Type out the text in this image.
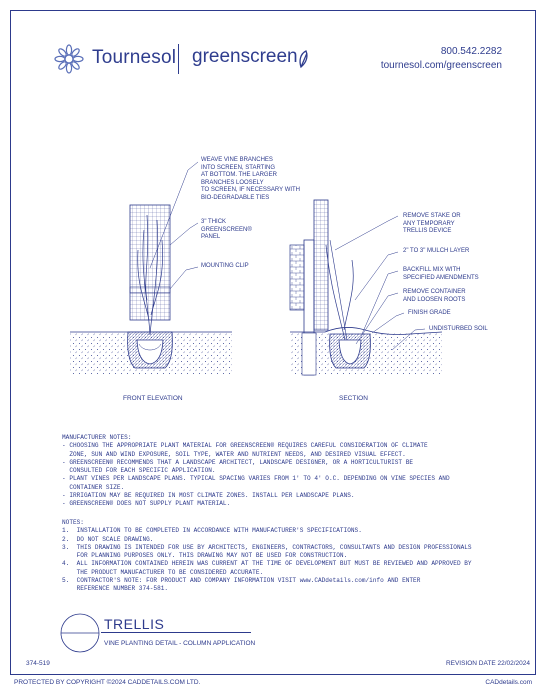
Tournesol greenscreen	800.542.2282
tournesol.com/greenscreen
WEAVE VINE BRANCHES
INTO SCREEN, STARTING
AT BOTTOM. THE LARGER
BRANCHES LOOSELY
TO SCREEN, IF NECESSARY WITH
BIO-DEGRADABLE TIES
3" THICK
GREENSCREEN®
PANEL
MOUNTING CLIP
FRONT ELEVATION
REMOVE STAKE OR
ANY TEMPORARY
TRELLIS DEVICE
2" TO 3" MULCH LAYER
BACKFILL MIX WITH
SPECIFIED AMENDMENTS
REMOVE CONTAINER
AND LOOSEN ROOTS
FINISH GRADE
UNDISTURBED SOIL
SECTION
MANUFACTURER NOTES:
- CHOOSING THE APPROPRIATE PLANT MATERIAL FOR GREENSCREEN® REQUIRES CAREFUL CONSIDERATION OF CLIMATE
ZONE, SUN AND WIND EXPOSURE, SOIL TYPE, WATER AND NUTRIENT NEEDS, AND DESIRED VISUAL EFFECT.
- GREENSCREEN® RECOMMENDS THAT A LANDSCAPE ARCHITECT, LANDSCAPE DESIGNER, OR A HORTICULTURIST BE
CONSULTED FOR EACH SPECIFIC APPLICATION.
- PLANT VINES PER LANDSCAPE PLANS. TYPICAL SPACING VARIES FROM 1' TO 4' O.C. DEPENDING ON VINE SPECIES AND
CONTAINER SIZE.
- IRRIGATION MAY BE REQUIRED IN MOST CLIMATE ZONES. INSTALL PER LANDSCAPE PLANS.
- GREENSCREEN® DOES NOT SUPPLY PLANT MATERIAL.
NOTES:
1.  INSTALLATION TO BE COMPLETED IN ACCORDANCE WITH MANUFACTURER'S SPECIFICATIONS.
2.  DO NOT SCALE DRAWING.
3.  THIS DRAWING IS INTENDED FOR USE BY ARCHITECTS, ENGINEERS, CONTRACTORS, CONSULTANTS AND DESIGN PROFESSIONALS
FOR PLANNING PURPOSES ONLY. THIS DRAWING MAY NOT BE USED FOR CONSTRUCTION.
4.  ALL INFORMATION CONTAINED HEREIN WAS CURRENT AT THE TIME OF DEVELOPMENT BUT MUST BE REVIEWED AND APPROVED BY
THE PRODUCT MANUFACTURER TO BE CONSIDERED ACCURATE.
5.  CONTRACTOR'S NOTE: FOR PRODUCT AND COMPANY INFORMATION VISIT www.CADdetails.com/info AND ENTER
REFERENCE NUMBER 374-581.
TRELLIS
VINE PLANTING DETAIL - COLUMN APPLICATION
374-519	REVISION DATE 22/02/2024
PROTECTED BY COPYRIGHT ©2024 CADDETAILS.COM LTD.	CADdetails.com
